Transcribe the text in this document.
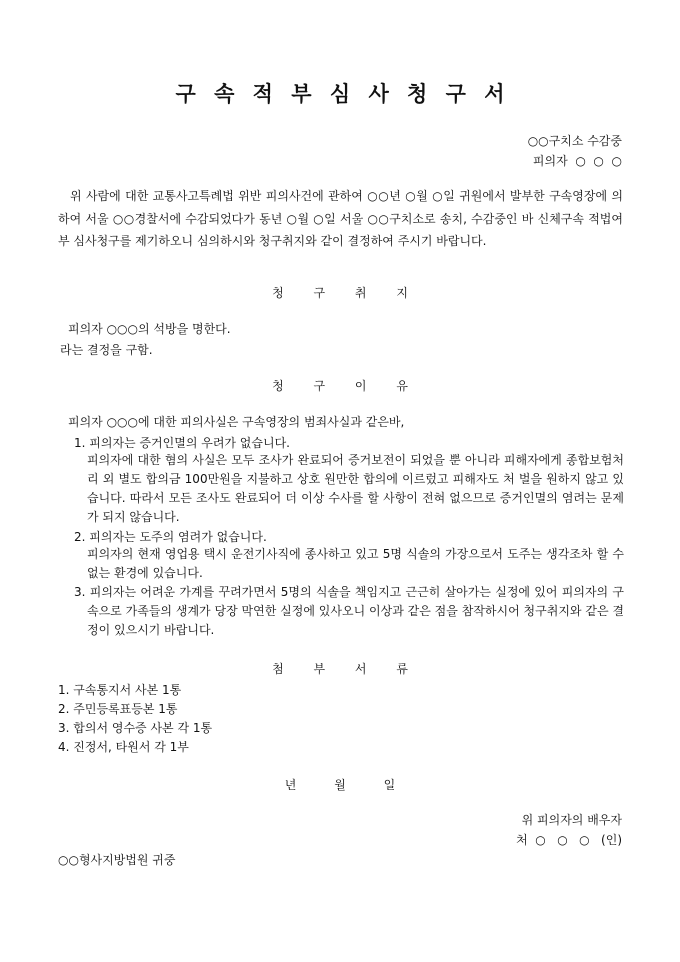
구 속 적 부 심 사 청 구 서
○○구치소 수감중
피의자  ○  ○  ○
위 사람에 대한 교통사고특례법 위반 피의사건에 관하여 ○○년 ○월 ○일 귀원에서 발부한 구속영장에 의하여 서울 ○○경찰서에 수감되었다가 동년 ○월 ○일 서울 ○○구치소로 송치, 수감중인 바 신체구속 적법여부 심사청구를 제기하오니 심의하시와 청구취지와 같이 결정하여 주시기 바랍니다.
청 구 취 지
피의자 ○○○의 석방을 명한다.
라는 결정을 구함.
청 구 이 유
피의자 ○○○에 대한 피의사실은 구속영장의 범죄사실과 같은바,
1. 피의자는 증거인멸의 우려가 없습니다.
피의자에 대한 혐의 사실은 모두 조사가 완료되어 증거보전이 되었을 뿐 아니라 피해자에게 종합보험처리 외 별도 합의금 100만원을 지불하고 상호 원만한 합의에 이르렀고 피해자도 처 벌을 원하지 않고 있습니다. 따라서 모든 조사도 완료되어 더 이상 수사를 할 사항이 전혀 없으므로 증거인멸의 염려는 문제가 되지 않습니다.
2. 피의자는 도주의 염려가 없습니다.
피의자의 현재 영업용 택시 운전기사직에 종사하고 있고 5명 식솔의 가장으로서 도주는 생각조차 할 수 없는 환경에 있습니다.
3. 피의자는 어려운 가계를 꾸려가면서 5명의 식솔을 책임지고 근근히 살아가는 실정에 있어 피의자의 구속으로 가족들의 생계가 당장 막연한 실정에 있사오니 이상과 같은 점을 참작하시어 청구취지와 같은 결정이 있으시기 바랍니다.
첨 부 서 류
1. 구속통지서 사본 1통
2. 주민등록표등본 1통
3. 합의서 영수증 사본 각 1통
4. 진정서, 타원서 각 1부
년 월 일
위 피의자의 배우자
처  ○   ○   ○   (인)
○○형사지방법원 귀중
